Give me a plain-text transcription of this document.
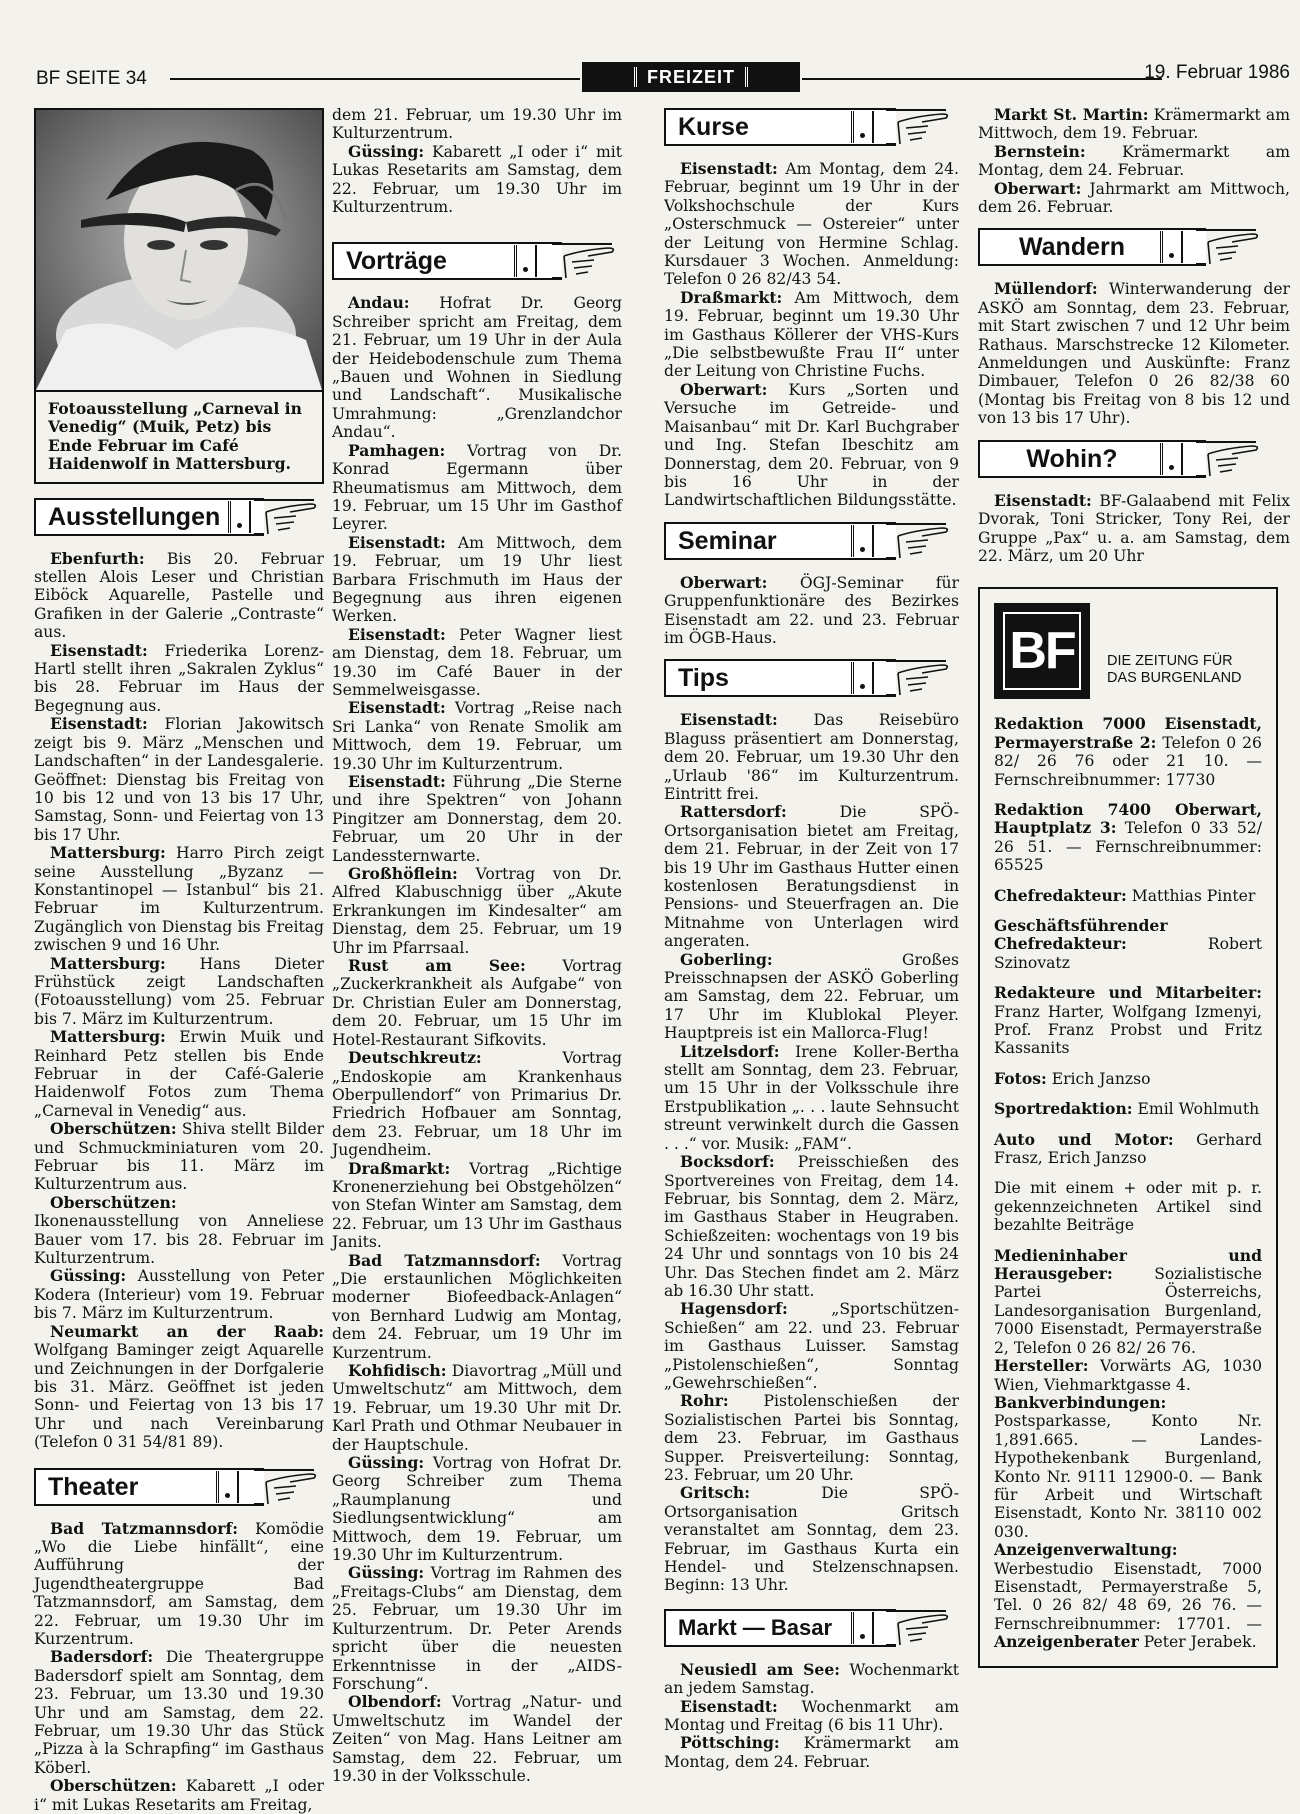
BF SEITE 34	FREIZEIT	19. Februar 1986
Fotoausstellung „Carneval in Venedig“ (Muik, Petz) bis Ende Februar im Café Haidenwolf in Mattersburg.
Ausstellungen

Ebenfurth: Bis 20. Februar stellen Alois Leser und Christian Eiböck Aquarelle, Pastelle und Grafiken in der Galerie „Contraste“ aus.

Eisenstadt: Friederika Lorenz-Hartl stellt ihren „Sakralen Zyklus“ bis 28. Februar im Haus der Begegnung aus.

Eisenstadt: Florian Jakowitsch zeigt bis 9. März „Menschen und Landschaften“ in der Landesgalerie. Geöffnet: Dienstag bis Freitag von 10 bis 12 und von 13 bis 17 Uhr, Samstag, Sonn- und Feiertag von 13 bis 17 Uhr.

Mattersburg: Harro Pirch zeigt seine Ausstellung „Byzanz — Konstantinopel — Istanbul“ bis 21. Februar im Kulturzentrum. Zugänglich von Dienstag bis Freitag zwischen 9 und 16 Uhr.

Mattersburg: Hans Dieter Frühstück zeigt Landschaften (Fotoausstellung) vom 25. Februar bis 7. März im Kulturzentrum.

Mattersburg: Erwin Muik und Reinhard Petz stellen bis Ende Februar in der Café-Galerie Haidenwolf Fotos zum Thema „Carneval in Venedig“ aus.

Oberschützen: Shiva stellt Bilder und Schmuckminiaturen vom 20. Februar bis 11. März im Kulturzentrum aus.

Oberschützen: Ikonenausstellung von Anneliese Bauer vom 17. bis 28. Februar im Kulturzentrum.

Güssing: Ausstellung von Peter Kodera (Interieur) vom 19. Februar bis 7. März im Kulturzentrum.

Neumarkt an der Raab: Wolfgang Baminger zeigt Aquarelle und Zeichnungen in der Dorfgalerie bis 31. März. Geöffnet ist jeden Sonn- und Feiertag von 13 bis 17 Uhr und nach Vereinbarung (Telefon 0 31 54/81 89).

Theater

Bad Tatzmannsdorf: Komödie „Wo die Liebe hinfällt“, eine Aufführung der Jugendtheatergruppe Bad Tatzmannsdorf, am Samstag, dem 22. Februar, um 19.30 Uhr im Kurzentrum.

Badersdorf: Die Theatergruppe Badersdorf spielt am Sonntag, dem 23. Februar, um 13.30 und 19.30 Uhr und am Samstag, dem 22. Februar, um 19.30 Uhr das Stück „Pizza à la Schrapfing“ im Gasthaus Köberl.

Oberschützen: Kabarett „I oder i“ mit Lukas Resetarits am Freitag,

dem 21. Februar, um 19.30 Uhr im Kulturzentrum.

Güssing: Kabarett „I oder i“ mit Lukas Resetarits am Samstag, dem 22. Februar, um 19.30 Uhr im Kulturzentrum.

Vorträge

Andau: Hofrat Dr. Georg Schreiber spricht am Freitag, dem 21. Februar, um 19 Uhr in der Aula der Heidebodenschule zum Thema „Bauen und Wohnen in Siedlung und Landschaft“. Musikalische Umrahmung: „Grenzlandchor Andau“.

Pamhagen: Vortrag von Dr. Konrad Egermann über Rheumatismus am Mittwoch, dem 19. Februar, um 15 Uhr im Gasthof Leyrer.

Eisenstadt: Am Mittwoch, dem 19. Februar, um 19 Uhr liest Barbara Frischmuth im Haus der Begegnung aus ihren eigenen Werken.

Eisenstadt: Peter Wagner liest am Dienstag, dem 18. Februar, um 19.30 im Café Bauer in der Semmelweisgasse.

Eisenstadt: Vortrag „Reise nach Sri Lanka“ von Renate Smolik am Mittwoch, dem 19. Februar, um 19.30 Uhr im Kulturzentrum.

Eisenstadt: Führung „Die Sterne und ihre Spektren“ von Johann Pingitzer am Donnerstag, dem 20. Februar, um 20 Uhr in der Landessternwarte.

Großhöflein: Vortrag von Dr. Alfred Klabuschnigg über „Akute Erkrankungen im Kindesalter“ am Dienstag, dem 25. Februar, um 19 Uhr im Pfarrsaal.

Rust am See: Vortrag „Zuckerkrankheit als Aufgabe“ von Dr. Christian Euler am Donnerstag, dem 20. Februar, um 15 Uhr im Hotel-Restaurant Sifkovits.

Deutschkreutz: Vortrag „Endoskopie am Krankenhaus Oberpullendorf“ von Primarius Dr. Friedrich Hofbauer am Sonntag, dem 23. Februar, um 18 Uhr im Jugendheim.

Draßmarkt: Vortrag „Richtige Kronenerziehung bei Obstgehölzen“ von Stefan Winter am Samstag, dem 22. Februar, um 13 Uhr im Gasthaus Janits.

Bad Tatzmannsdorf: Vortrag „Die erstaunlichen Möglichkeiten moderner Biofeedback-Anlagen“ von Bernhard Ludwig am Montag, dem 24. Februar, um 19 Uhr im Kurzentrum.

Kohfidisch: Diavortrag „Müll und Umweltschutz“ am Mittwoch, dem 19. Februar, um 19.30 Uhr mit Dr. Karl Prath und Othmar Neubauer in der Hauptschule.

Güssing: Vortrag von Hofrat Dr. Georg Schreiber zum Thema „Raumplanung und Siedlungsentwicklung“ am Mittwoch, dem 19. Februar, um 19.30 Uhr im Kulturzentrum.

Güssing: Vortrag im Rahmen des „Freitags-Clubs“ am Dienstag, dem 25. Februar, um 19.30 Uhr im Kulturzentrum. Dr. Peter Arends spricht über die neuesten Erkenntnisse in der „AIDS-Forschung“.

Olbendorf: Vortrag „Natur- und Umweltschutz im Wandel der Zeiten“ von Mag. Hans Leitner am Samstag, dem 22. Februar, um 19.30 in der Volksschule.

Kurse

Eisenstadt: Am Montag, dem 24. Februar, beginnt um 19 Uhr in der Volkshochschule der Kurs „Osterschmuck — Ostereier“ unter der Leitung von Hermine Schlag. Kursdauer 3 Wochen. Anmeldung: Telefon 0 26 82/43 54.

Draßmarkt: Am Mittwoch, dem 19. Februar, beginnt um 19.30 Uhr im Gasthaus Köllerer der VHS-Kurs „Die selbstbewußte Frau II“ unter der Leitung von Christine Fuchs.

Oberwart: Kurs „Sorten und Versuche im Getreide- und Maisanbau“ mit Dr. Karl Buchgraber und Ing. Stefan Ibeschitz am Donnerstag, dem 20. Februar, von 9 bis 16 Uhr in der Landwirtschaftlichen Bildungsstätte.

Seminar

Oberwart: ÖGJ-Seminar für Gruppenfunktionäre des Bezirkes Eisenstadt am 22. und 23. Februar im ÖGB-Haus.

Tips

Eisenstadt: Das Reisebüro Blaguss präsentiert am Donnerstag, dem 20. Februar, um 19.30 Uhr den „Urlaub '86“ im Kulturzentrum. Eintritt frei.

Rattersdorf: Die SPÖ-Ortsorganisation bietet am Freitag, dem 21. Februar, in der Zeit von 17 bis 19 Uhr im Gasthaus Hutter einen kostenlosen Beratungsdienst in Pensions- und Steuerfragen an. Die Mitnahme von Unterlagen wird angeraten.

Goberling: Großes Preisschnapsen der ASKÖ Goberling am Samstag, dem 22. Februar, um 17 Uhr im Klublokal Pleyer. Hauptpreis ist ein Mallorca-Flug!

Litzelsdorf: Irene Koller-Bertha stellt am Sonntag, dem 23. Februar, um 15 Uhr in der Volksschule ihre Erstpublikation „. . . laute Sehnsucht streunt verwinkelt durch die Gassen . . .“ vor. Musik: „FAM“.

Bocksdorf: Preisschießen des Sportvereines von Freitag, dem 14. Februar, bis Sonntag, dem 2. März, im Gasthaus Staber in Heugraben. Schießzeiten: wochentags von 19 bis 24 Uhr und sonntags von 10 bis 24 Uhr. Das Stechen findet am 2. März ab 16.30 Uhr statt.

Hagensdorf: „Sportschützen-Schießen“ am 22. und 23. Februar im Gasthaus Luisser. Samstag „Pistolenschießen“, Sonntag „Gewehrschießen“.

Rohr: Pistolenschießen der Sozialistischen Partei bis Sonntag, dem 23. Februar, im Gasthaus Supper. Preisverteilung: Sonntag, 23. Februar, um 20 Uhr.

Gritsch: Die SPÖ-Ortsorganisation Gritsch veranstaltet am Sonntag, dem 23. Februar, im Gasthaus Kurta ein Hendel- und Stelzenschnapsen. Beginn: 13 Uhr.

Markt — Basar

Neusiedl am See: Wochenmarkt an jedem Samstag.

Eisenstadt: Wochenmarkt am Montag und Freitag (6 bis 11 Uhr).

Pöttsching: Krämermarkt am Montag, dem 24. Februar.

Markt St. Martin: Krämermarkt am Mittwoch, dem 19. Februar.

Bernstein: Krämermarkt am Montag, dem 24. Februar.

Oberwart: Jahrmarkt am Mittwoch, dem 26. Februar.

Wandern

Müllendorf: Winterwanderung der ASKÖ am Sonntag, dem 23. Februar, mit Start zwischen 7 und 12 Uhr beim Rathaus. Marschstrecke 12 Kilometer. Anmeldungen und Auskünfte: Franz Dimbauer, Telefon 0 26 82/38 60 (Montag bis Freitag von 8 bis 12 und von 13 bis 17 Uhr).

Wohin?

Eisenstadt: BF-Galaabend mit Felix Dvorak, Toni Stricker, Tony Rei, der Gruppe „Pax“ u. a. am Samstag, dem 22. März, um 20 Uhr

BF
	DIE ZEITUNG FÜR
DAS BURGENLAND

Redaktion 7000 Eisenstadt, Permayerstraße 2: Telefon 0 26 82/ 26 76 oder 21 10. — Fernschreibnummer: 17730

Redaktion 7400 Oberwart, Hauptplatz 3: Telefon 0 33 52/ 26 51. — Fernschreibnummer: 65525

Chefredakteur: Matthias Pinter

Geschäftsführender Chefredakteur: Robert Szinovatz

Redakteure und Mitarbeiter: Franz Harter, Wolfgang Izmenyi, Prof. Franz Probst und Fritz Kassanits

Fotos: Erich Janzso

Sportredaktion: Emil Wohlmuth

Auto und Motor: Gerhard Frasz, Erich Janzso

Die mit einem + oder mit p. r. gekennzeichneten Artikel sind bezahlte Beiträge

Medieninhaber und Herausgeber: Sozialistische Partei Österreichs, Landesorganisation Burgenland, 7000 Eisenstadt, Permayerstraße 2, Telefon 0 26 82/ 26 76.
Hersteller: Vorwärts AG, 1030 Wien, Viehmarktgasse 4.
Bankverbindungen: Postsparkasse, Konto Nr. 1,891.665. — Landes-Hypothekenbank Burgenland, Konto Nr. 9111 12900-0. — Bank für Arbeit und Wirtschaft Eisenstadt, Konto Nr. 38110 002 030.
Anzeigenverwaltung: Werbestudio Eisenstadt, 7000 Eisenstadt, Permayerstraße 5, Tel. 0 26 82/ 48 69, 26 76. — Fernschreibnummer: 17701. — Anzeigenberater Peter Jerabek.
